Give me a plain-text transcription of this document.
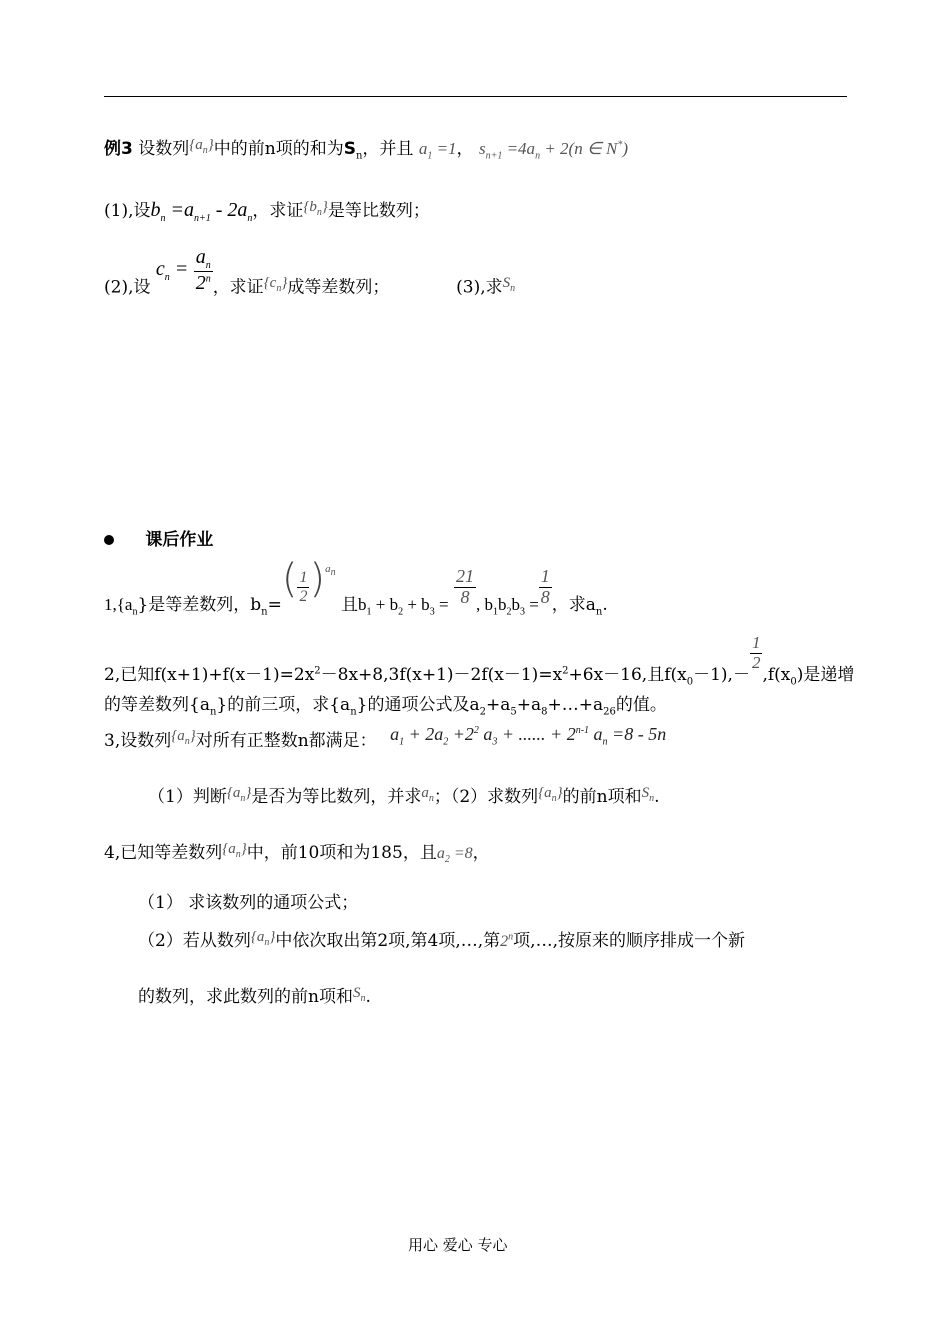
例3 设数列$\{a_n\}$中的前n项的和为$S_n$，并且 $a_1 =1$， $s_{n+1} =4a_n + 2(n$ ∈ N*)
(1),设$b_n =a_{n+1} - 2a_n$，求证$\{b_n\}$是等比数列；
(2),设 $c_n = \frac{a_n}{2^n}$ ，求证$\{c_n\}$成等差数列；	(3),求$S_n$
课后作业
$1,\{a_n\}$是等差数列，$b_n=( \frac{1}{2} )^{a_n}$ 且$b_1 + b_2 + b_3 = \frac{21}{8}$ , $b_1b_2b_3 = \frac{1}{8}$ ，求$a_n$.
2,已知$f(x+1)+f(x-1)=2x^2-8x+8,3f(x+1)-2f(x-1)=x^2+6x-16$,且$f(x_0-1),-$
$\frac{1}{2}$
$,f(x_0)$是递增
的等差数列$\{a_n\}$的前三项，求$\{a_n\}$的通项公式及$a_2+a_5+a_8+\dots+a_{26}$的值。
3,设数列$\{a_n\}$对所有正整数n都满足： $a_1 + 2a_2 +2^2$ $a_3$ + ...... + $2^{n-1}$ $a_n =8 - 5n$
（1）判断$\{a_n\}$是否为等比数列，并求$a_n$；（2）求数列$\{a_n\}$的前n项和$S_n$.
4,已知等差数列$\{a_n\}$中，前10项和为185，且$a_2 =8$，
（1） 求该数列的通项公式；
（2）若从数列$\{a_n\}$中依次取出第2项,第4项,…,第2$^n$项,…,按原来的顺序排成一个新
的数列，求此数列的前n项和$S_n$.
用心 爱心 专心
